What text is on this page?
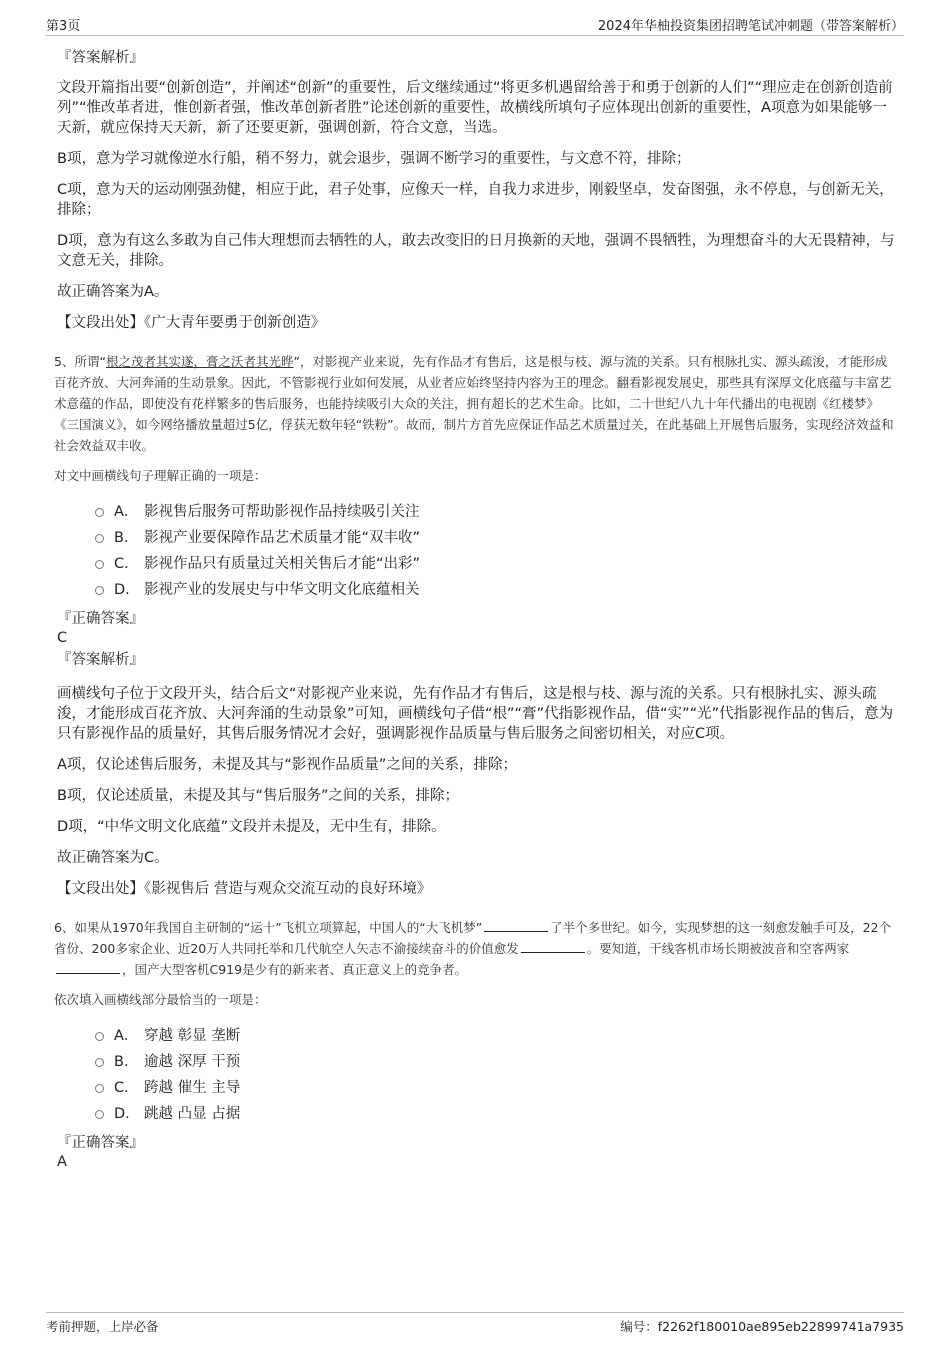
第3页	2024年华柚投资集团招聘笔试冲刺题（带答案解析）
『答案解析』

文段开篇指出要“创新创造”，并阐述“创新”的重要性，后文继续通过“将更多机遇留给善于和勇于创新的人们”“理应走在创新创造前列”“惟改革者进，惟创新者强，惟改革创新者胜”论述创新的重要性，故横线所填句子应体现出创新的重要性，A项意为如果能够一天新，就应保持天天新，新了还要更新，强调创新，符合文意，当选。

B项，意为学习就像逆水行船，稍不努力，就会退步，强调不断学习的重要性，与文意不符，排除；

C项，意为天的运动刚强劲健，相应于此，君子处事，应像天一样，自我力求进步，刚毅坚卓，发奋图强，永不停息，与创新无关，排除；

D项，意为有这么多敢为自己伟大理想而去牺牲的人，敢去改变旧的日月换新的天地，强调不畏牺牲，为理想奋斗的大无畏精神，与文意无关，排除。

故正确答案为A。

【文段出处】《广大青年要勇于创新创造》
5、所谓“根之茂者其实遂，膏之沃者其光晔”，对影视产业来说，先有作品才有售后，这是根与枝、源与流的关系。只有根脉扎实、源头疏浚，才能形成百花齐放、大河奔涌的生动景象。因此，不管影视行业如何发展，从业者应始终坚持内容为王的理念。翻看影视发展史，那些具有深厚文化底蕴与丰富艺术意蕴的作品，即使没有花样繁多的售后服务，也能持续吸引大众的关注，拥有超长的艺术生命。比如，二十世纪八九十年代播出的电视剧《红楼梦》《三国演义》，如今网络播放量超过5亿，俘获无数年轻“铁粉”。故而，制片方首先应保证作品艺术质量过关，在此基础上开展售后服务，实现经济效益和社会效益双丰收。
对文中画横线句子理解正确的一项是：
A． 影视售后服务可帮助影视作品持续吸引关注
B． 影视产业要保障作品艺术质量才能“双丰收”
C． 影视作品只有质量过关相关售后才能“出彩”
D． 影视产业的发展史与中华文明文化底蕴相关
『正确答案』
C
『答案解析』

画横线句子位于文段开头，结合后文“对影视产业来说，先有作品才有售后，这是根与枝、源与流的关系。只有根脉扎实、源头疏浚，才能形成百花齐放、大河奔涌的生动景象”可知，画横线句子借“根”“膏”代指影视作品，借“实”“光”代指影视作品的售后，意为只有影视作品的质量好，其售后服务情况才会好，强调影视作品质量与售后服务之间密切相关，对应C项。

A项，仅论述售后服务，未提及其与“影视作品质量”之间的关系，排除；

B项，仅论述质量，未提及其与“售后服务”之间的关系，排除；

D项，“中华文明文化底蕴”文段并未提及，无中生有，排除。

故正确答案为C。

【文段出处】《影视售后 营造与观众交流互动的良好环境》
6、如果从1970年我国自主研制的“运十”飞机立项算起，中国人的“大飞机梦”	了半个多世纪。如今，实现梦想的这一刻愈发触手可及，22个省份、200多家企业、近20万人共同托举和几代航空人矢志不渝接续奋斗的价值愈发	。要知道，干线客机市场长期被波音和空客两家，国产大型客机C919是少有的新来者、真正意义上的竞争者。
依次填入画横线部分最恰当的一项是：
A． 穿越 彰显 垄断
B． 逾越 深厚 干预
C． 跨越 催生 主导
D． 跳越 凸显 占据
『正确答案』
A
考前押题，上岸必备	编号：f2262f180010ae895eb22899741a7935
